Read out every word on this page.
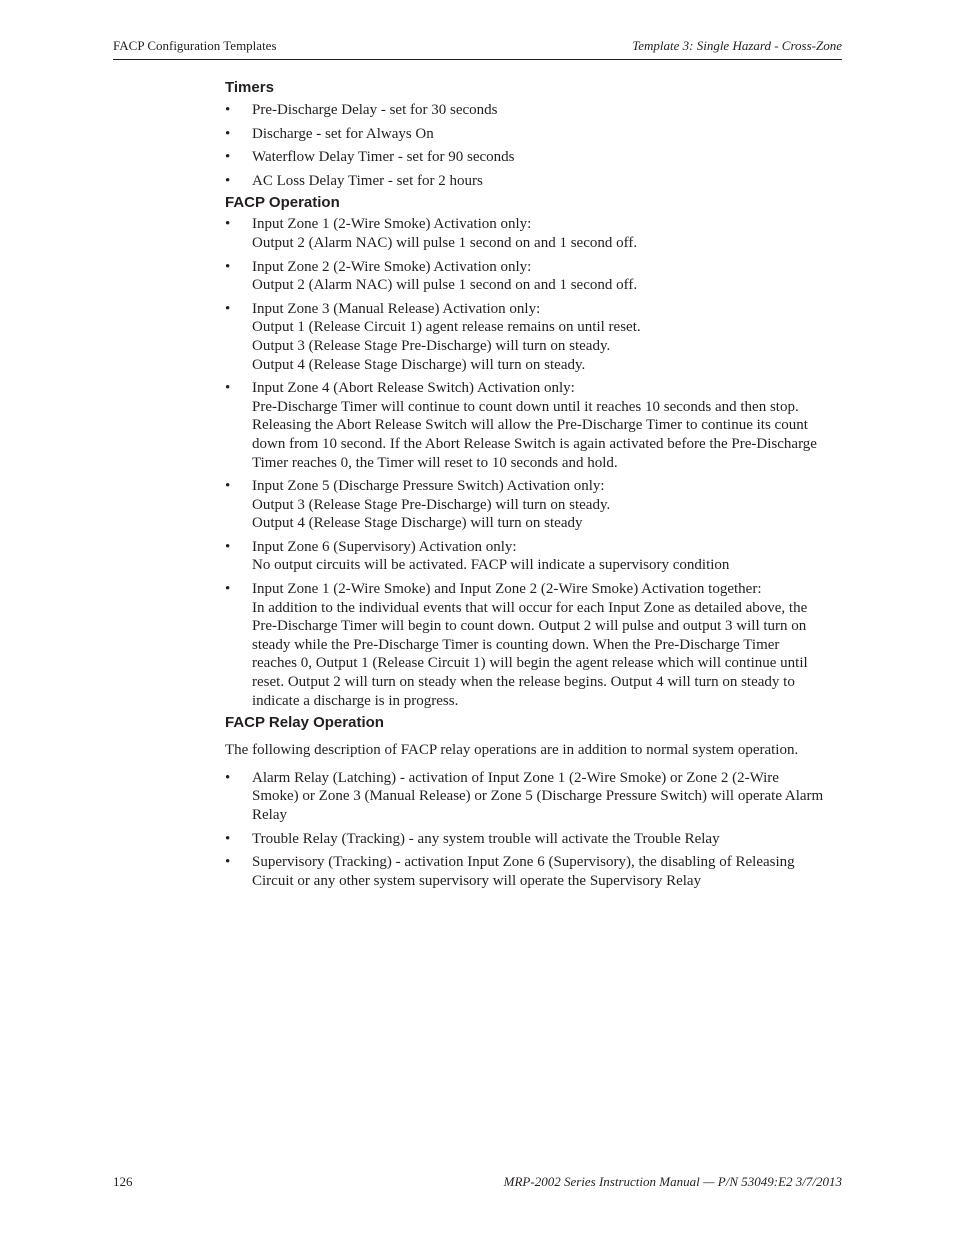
FACP Configuration Templates	Template 3: Single Hazard - Cross-Zone
Timers
• Pre-Discharge Delay - set for 30 seconds
• Discharge - set for Always On
• Waterflow Delay Timer - set for 90 seconds
• AC Loss Delay Timer - set for 2 hours
FACP Operation
• Input Zone 1 (2-Wire Smoke) Activation only:
Output 2 (Alarm NAC) will pulse 1 second on and 1 second off.
• Input Zone 2 (2-Wire Smoke) Activation only:
Output 2 (Alarm NAC) will pulse 1 second on and 1 second off.
• Input Zone 3 (Manual Release) Activation only:
Output 1 (Release Circuit 1) agent release remains on until reset.
Output 3 (Release Stage Pre-Discharge) will turn on steady.
Output 4 (Release Stage Discharge) will turn on steady.
• Input Zone 4 (Abort Release Switch) Activation only:
Pre-Discharge Timer will continue to count down until it reaches 10 seconds and then stop.
Releasing the Abort Release Switch will allow the Pre-Discharge Timer to continue its count
down from 10 second. If the Abort Release Switch is again activated before the Pre-Discharge
Timer reaches 0, the Timer will reset to 10 seconds and hold.
• Input Zone 5 (Discharge Pressure Switch) Activation only:
Output 3 (Release Stage Pre-Discharge) will turn on steady.
Output 4 (Release Stage Discharge) will turn on steady
• Input Zone 6 (Supervisory) Activation only:
No output circuits will be activated. FACP will indicate a supervisory condition
• Input Zone 1 (2-Wire Smoke) and Input Zone 2 (2-Wire Smoke) Activation together:
In addition to the individual events that will occur for each Input Zone as detailed above, the
Pre-Discharge Timer will begin to count down. Output 2 will pulse and output 3 will turn on
steady while the Pre-Discharge Timer is counting down. When the Pre-Discharge Timer
reaches 0, Output 1 (Release Circuit 1) will begin the agent release which will continue until
reset. Output 2 will turn on steady when the release begins. Output 4 will turn on steady to
indicate a discharge is in progress.
FACP Relay Operation

The following description of FACP relay operations are in addition to normal system operation.

• Alarm Relay (Latching) - activation of Input Zone 1 (2-Wire Smoke) or Zone 2 (2-Wire
Smoke) or Zone 3 (Manual Release) or Zone 5 (Discharge Pressure Switch) will operate Alarm
Relay
• Trouble Relay (Tracking) - any system trouble will activate the Trouble Relay
• Supervisory (Tracking) - activation Input Zone 6 (Supervisory), the disabling of Releasing
Circuit or any other system supervisory will operate the Supervisory Relay
126	MRP-2002 Series Instruction Manual — P/N 53049:E2 3/7/2013
